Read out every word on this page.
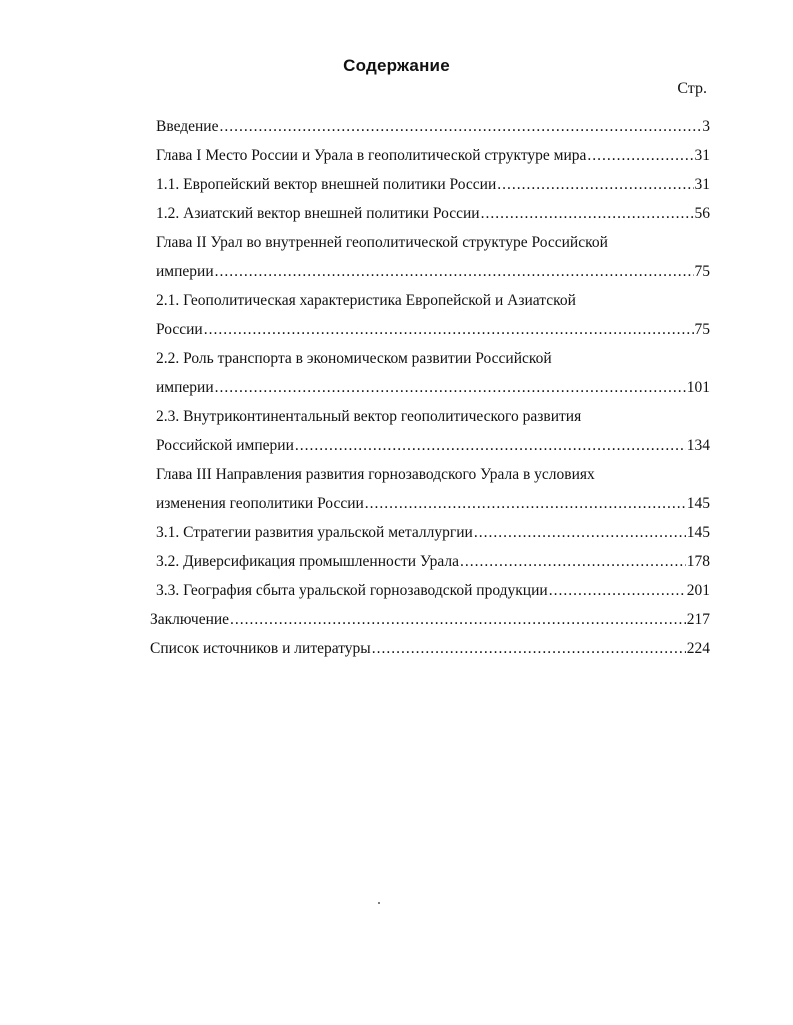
Содержание
Стр.
Введение .....	3
Глава I Место России и Урала в геополитической структуре мира .....	31
1.1. Европейский вектор внешней политики России .....	31
1.2. Азиатский вектор внешней политики России .....	56
Глава II Урал во внутренней геополитической структуре Российской
империи .....	75
2.1. Геополитическая характеристика Европейской и Азиатской
России .....	75
2.2. Роль транспорта в экономическом развитии Российской
империи .....	101
2.3. Внутриконтинентальный вектор геополитического развития
Российской империи .....	134
Глава III Направления развития горнозаводского Урала в условиях
изменения геополитики России .....	145
3.1. Стратегии развития уральской металлургии .....	145
3.2. Диверсификация промышленности Урала .....	178
3.3. География сбыта уральской горнозаводской продукции .....	201
Заключение .....	217
Список источников и литературы .....	224
